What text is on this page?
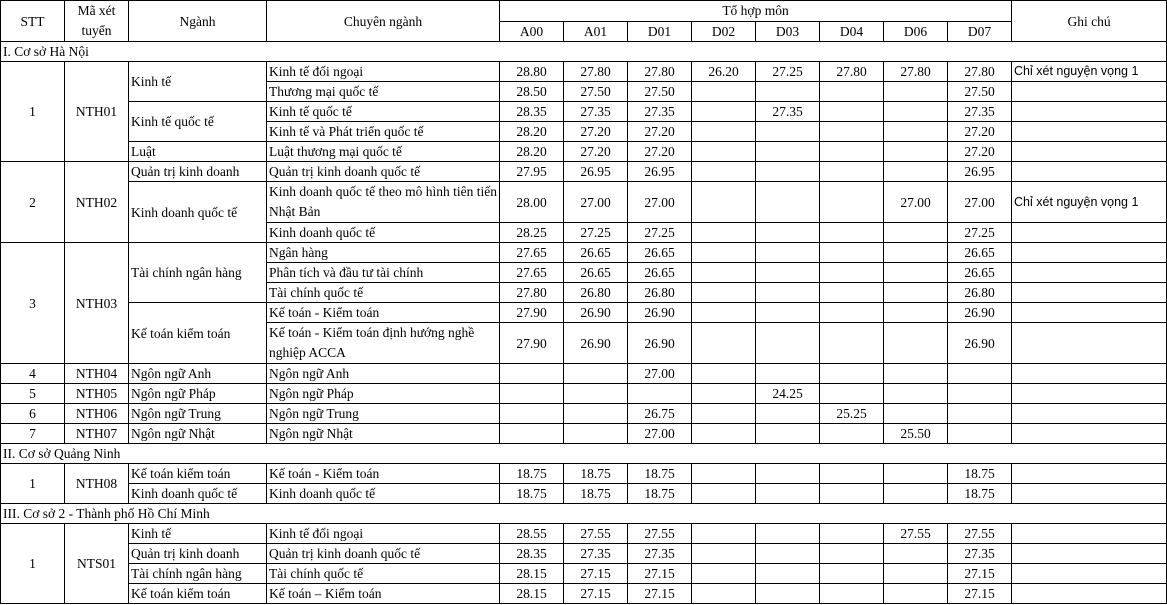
STT	Mã xét tuyển	Ngành	Chuyên ngành	Tổ hợp môn								Ghi chú
				A00	A01	D01	D02	D03	D04	D06	D07	
I. Cơ sở Hà Nội												
1	NTH01	Kinh tế	Kinh tế đối ngoại	28.80	27.80	27.80	26.20	27.25	27.80	27.80	27.80	Chỉ xét nguyện vọng 1
			Thương mại quốc tế	28.50	27.50	27.50					27.50	
		Kinh tế quốc tế	Kinh tế quốc tế	28.35	27.35	27.35		27.35			27.35	
			Kinh tế và Phát triển quốc tế	28.20	27.20	27.20					27.20	
		Luật	Luật thương mại quốc tế	28.20	27.20	27.20					27.20	
2	NTH02	Quản trị kinh doanh	Quản trị kinh doanh quốc tế	27.95	26.95	26.95					26.95	
		Kinh doanh quốc tế	Kinh doanh quốc tế theo mô hình tiên tiến Nhật Bản	28.00	27.00	27.00				27.00	27.00	Chỉ xét nguyện vọng 1
			Kinh doanh quốc tế	28.25	27.25	27.25					27.25	
3	NTH03	Tài chính ngân hàng	Ngân hàng	27.65	26.65	26.65					26.65	
			Phân tích và đầu tư tài chính	27.65	26.65	26.65					26.65	
			Tài chính quốc tế	27.80	26.80	26.80					26.80	
		Kế toán kiểm toán	Kế toán - Kiểm toán	27.90	26.90	26.90					26.90	
			Kế toán - Kiểm toán định hướng nghề nghiệp ACCA	27.90	26.90	26.90					26.90	
4	NTH04	Ngôn ngữ Anh	Ngôn ngữ Anh			27.00						
5	NTH05	Ngôn ngữ Pháp	Ngôn ngữ Pháp					24.25				
6	NTH06	Ngôn ngữ Trung	Ngôn ngữ Trung			26.75			25.25			
7	NTH07	Ngôn ngữ Nhật	Ngôn ngữ Nhật			27.00				25.50		
II. Cơ sở Quảng Ninh												
1	NTH08	Kế toán kiểm toán	Kế toán - Kiểm toán	18.75	18.75	18.75					18.75	
		Kinh doanh quốc tế	Kinh doanh quốc tế	18.75	18.75	18.75					18.75	
III. Cơ sở 2 - Thành phố Hồ Chí Minh												
1	NTS01	Kinh tế	Kinh tế đối ngoại	28.55	27.55	27.55				27.55	27.55	
		Quản trị kinh doanh	Quản trị kinh doanh quốc tế	28.35	27.35	27.35					27.35	
		Tài chính ngân hàng	Tài chính quốc tế	28.15	27.15	27.15					27.15	
		Kế toán kiểm toán	Kế toán – Kiểm toán	28.15	27.15	27.15					27.15	
